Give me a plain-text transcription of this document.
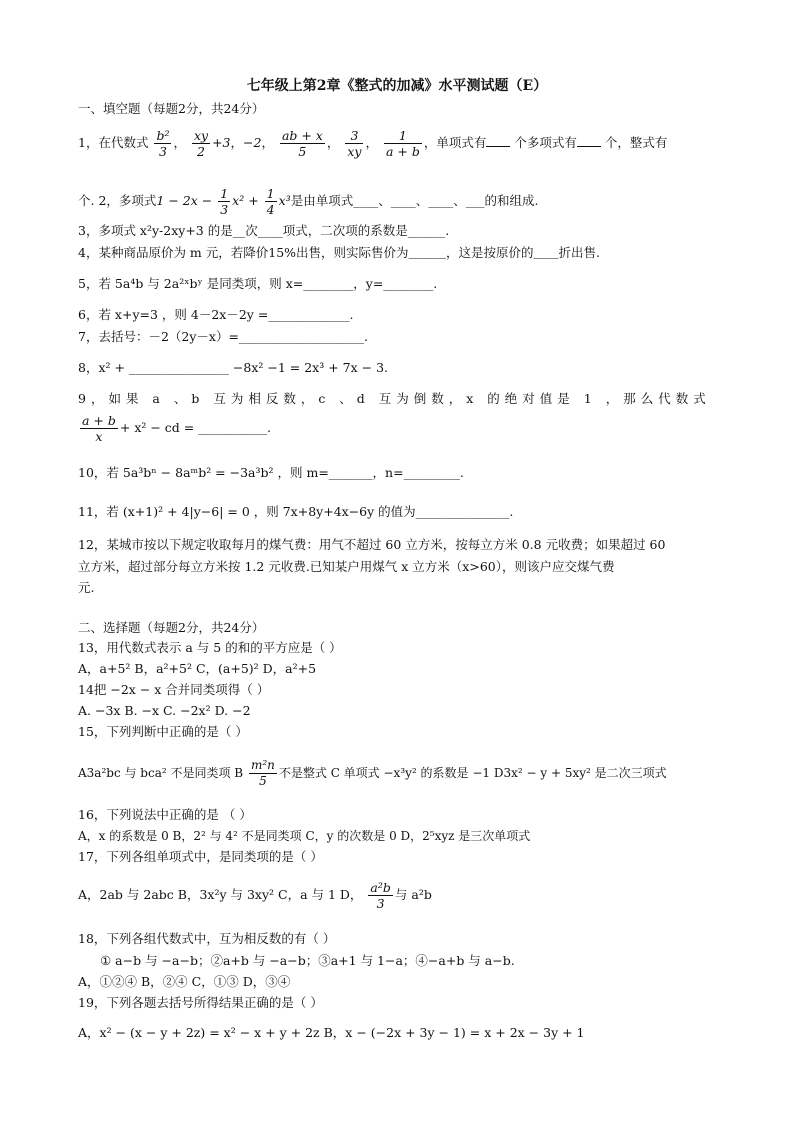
七年级上第2章《整式的加减》水平测试题（E）
一、填空题（每题2分，共24分）
1，在代数式 $\frac{\text{b²}}{3}$ ， $\frac{xy}{2} +3$，−2， $\frac{ab + x}{5}$ ， $\frac{3}{xy}$ ， $\frac{1}{a + b}$ ，单项式有 个多项式有 个，整式有
个. 2，多项式$1 - 2x - \frac{1}{3} x^2 + \frac{1}{4} x^3$是由单项式____、____、____、___的和组成.
3，多项式 x²y-2xy+3 的是__次____项式，二次项的系数是______.
4，某种商品原价为 m 元，若降价15%出售，则实际售价为＿＿＿，这是按原价的＿＿折出售.
5，若 5a⁴b 与 2a²ˣbʸ 是同类项，则 x=________，y=________.
6，若 x+y=3 ，则 4－2x－2y =_____________.
7，去括号：－2（2y－x）=____________________.
8，x² + ________________ −8x² −1 = 2x³ + 7x − 3.
9，如果 a 、b 互为相反数，c 、d 互为倒数，x 的绝对值是 1 ，那么代数式
$\frac{a + b}{x} + x^2$ − cd = ___________.
10，若 5a³bⁿ − 8aᵐb² = −3a³b² ，则 m=_______，n=_________.
11，若 (x+1)² + 4|y−6| = 0 ，则 7x+8y+4x−6y 的值为_______________.
12，某城市按以下规定收取每月的煤气费：用气不超过 60 立方米，按每立方米 0.8 元收费；如果超过 60
立方米，超过部分每立方米按 1.2 元收费.已知某户用煤气 x 立方米（x>60），则该户应交煤气费
元.
二、选择题（每题2分，共24分）
13，用代数式表示 a 与 5 的和的平方应是（ ）
A，a+5² B，a²+5² C，(a+5)² D，a²+5
14把 −2x − x 合并同类项得（ ）
A. −3x B. −x C. −2x² D. −2
15，下列判断中正确的是（ ）
A3a²bc 与 bca² 不是同类项 B $\frac{\text{m²n}}{5}$ 不是整式 C 单项式 −x³y² 的系数是 −1 D3x² − y + 5xy² 是二次三项式
16，下列说法中正确的是 （ ）
A，x 的系数是 0 B，2² 与 4² 不是同类项 C，y 的次数是 0 D，2⁵xyz 是三次单项式
17，下列各组单项式中，是同类项的是（ ）
A，2ab 与 2abc B，3x²y 与 3xy² C，a 与 1 D， $\frac{\text{a²b}}{3}$ 与 a²b
18，下列各组代数式中，互为相反数的有（ ）
① a−b 与 −a−b；②a+b 与 −a−b；③a+1 与 1−a；④−a+b 与 a−b.
A，①②④ B，②④ C，①③ D，③④
19，下列各题去括号所得结果正确的是（ ）
A，x² − (x − y + 2z) = x² − x + y + 2z B，x − (−2x + 3y − 1) = x + 2x − 3y + 1
